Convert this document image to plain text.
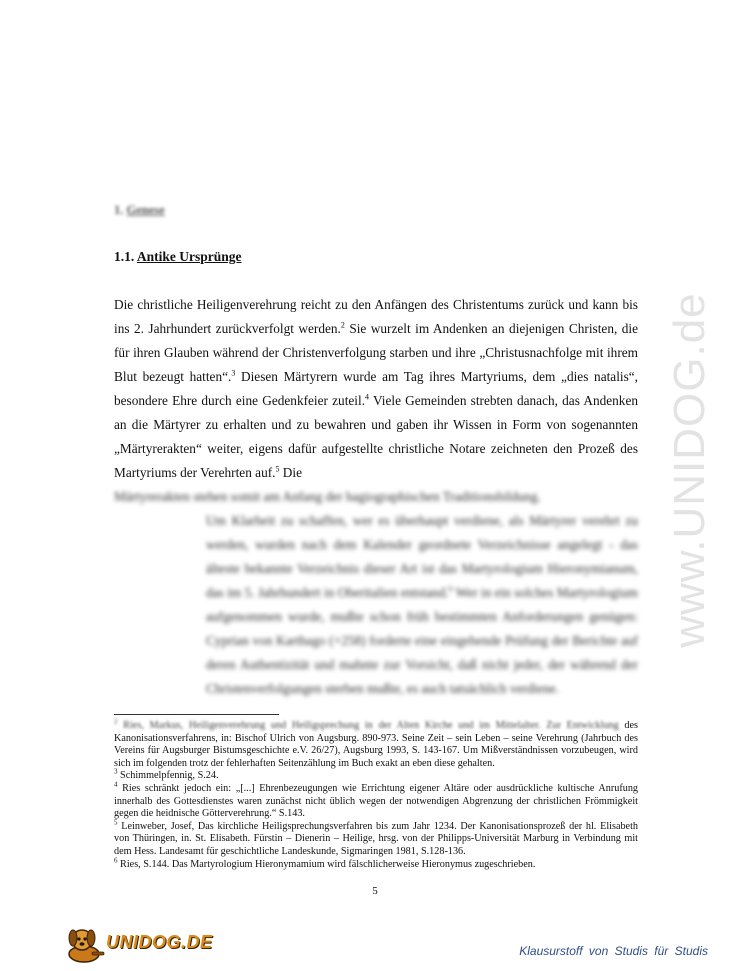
www.UNIDOG.de
1. Genese
1.1. Antike Ursprünge
Die christliche Heiligenverehrung reicht zu den Anfängen des Christentums zurück und kann bis ins 2. Jahrhundert zurückverfolgt werden.$^2$ Sie wurzelt im Andenken an diejenigen Christen, die für ihren Glauben während der Christenverfolgung starben und ihre „Christusnachfolge mit ihrem Blut bezeugt hatten“.$^3$ Diesen Märtyrern wurde am Tag ihres Martyriums, dem „dies natalis“, besondere Ehre durch eine Gedenkfeier zuteil.$^4$ Viele Gemeinden strebten danach, das Andenken an die Märtyrer zu erhalten und zu bewahren und gaben ihr Wissen in Form von sogenannten „Märtyrerakten“ weiter, eigens dafür aufgestellte christliche Notare zeichneten den Prozeß des Martyriums der Verehrten auf.$^5$ Die
Märtyrerakten stehen somit am Anfang der hagiographischen Traditionsbildung.
Um Klarheit zu schaffen, wer es überhaupt verdiene, als Märtyrer verehrt zu werden, wurden nach dem Kalender geordnete Verzeichnisse angelegt - das älteste bekannte Verzeichnis dieser Art ist das Martyrologium Hieronymianum, das im 5. Jahrhundert in Oberitalien entstand.$^6$ Wer in ein solches Martyrologium aufgenommen wurde, mußte schon früh bestimmten Anforderungen genügen: Cyprian von Karthago (+258) forderte eine eingehende Prüfung der Berichte auf deren Authentizität und mahnte zur Vorsicht, daß nicht jeder, der während der Christenverfolgungen sterben mußte, es auch tatsächlich verdiene.

$^2$ Ries, Markus, Heiligenverehrung und Heiligsprechung in der Alten Kirche und im Mittelalter. Zur Entwicklung des Kanonisationsverfahrens, in: Bischof Ulrich von Augsburg. 890-973. Seine Zeit – sein Leben – seine Verehrung (Jahrbuch des Vereins für Augsburger Bistumsgeschichte e.V. 26/27), Augsburg 1993, S. 143-167. Um Mißverständnissen vorzubeugen, wird sich im folgenden trotz der fehlerhaften Seitenzählung im Buch exakt an eben diese gehalten.

$^3$ Schimmelpfennig, S.24.

$^4$ Ries schränkt jedoch ein: „[...] Ehrenbezeugungen wie Errichtung eigener Altäre oder ausdrückliche kultische Anrufung innerhalb des Gottesdienstes waren zunächst nicht üblich wegen der notwendigen Abgrenzung der christlichen Frömmigkeit gegen die heidnische Götterverehrung.“ S.143.

$^5$ Leinweber, Josef, Das kirchliche Heiligsprechungsverfahren bis zum Jahr 1234. Der Kanonisationsprozeß der hl. Elisabeth von Thüringen, in. St. Elisabeth. Fürstin – Dienerin – Heilige, hrsg. von der Philipps-Universität Marburg in Verbindung mit dem Hess. Landesamt für geschichtliche Landeskunde, Sigmaringen 1981, S.128-136.

$^6$ Ries, S.144. Das Martyrologium Hieronymamium wird fälschlicherweise Hieronymus zugeschrieben.

5
UNIDOG.DE	Klausurstoff von Studis für Studis
